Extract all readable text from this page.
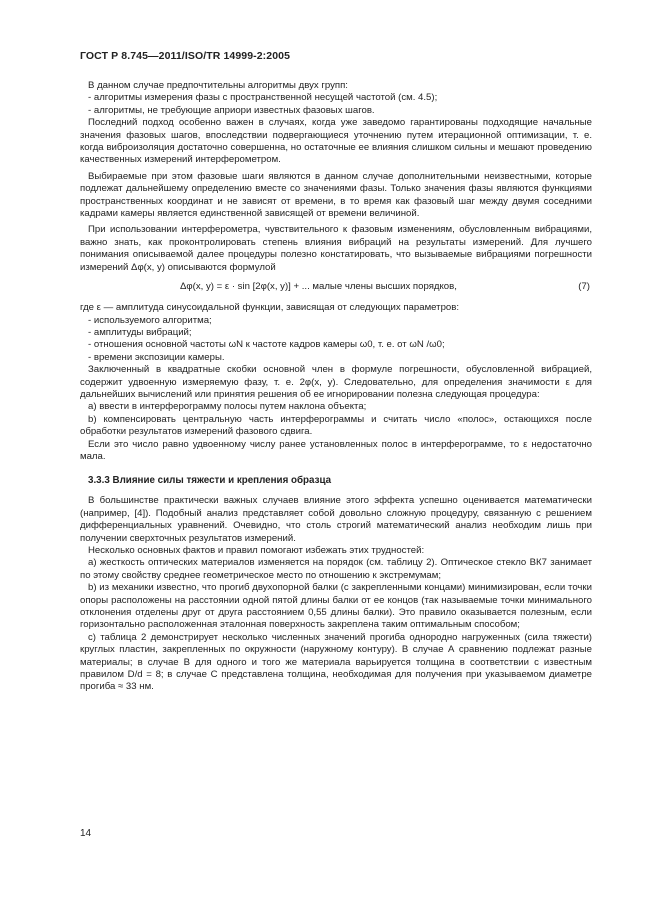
ГОСТ Р 8.745—2011/ISO/TR 14999-2:2005

В данном случае предпочтительны алгоритмы двух групп:

- алгоритмы измерения фазы с пространственной несущей частотой (см. 4.5);

- алгоритмы, не требующие априори известных фазовых шагов.

Последний подход особенно важен в случаях, когда уже заведомо гарантированы подходящие начальные значения фазовых шагов, впоследствии подвергающиеся уточнению путем итерационной оптимизации, т. е. когда виброизоляция достаточно совершенна, но остаточные ее влияния слишком сильны и мешают проведению качественных измерений интерферометром.

Выбираемые при этом фазовые шаги являются в данном случае дополнительными неизвестными, которые подлежат дальнейшему определению вместе со значениями фазы. Только значения фазы являются функциями пространственных координат и не зависят от времени, в то время как фазовый шаг между двумя соседними кадрами камеры является единственной зависящей от времени величиной.

При использовании интерферометра, чувствительного к фазовым изменениям, обусловленным вибрациями, важно знать, как проконтролировать степень влияния вибраций на результаты измерений. Для лучшего понимания описываемой далее процедуры полезно констатировать, что вызываемые вибрациями погрешности измерений Δφ(x, y) описываются формулой

Δφ(x, y) = ε · sin [2φ(x, y)] + ... малые члены высших порядков,	(7)

где ε — амплитуда синусоидальной функции, зависящая от следующих параметров:

- используемого алгоритма;

- амплитуды вибраций;

- отношения основной частоты ωN к частоте кадров камеры ω0, т. е. от ωN /ω0;

- времени экспозиции камеры.

Заключенный в квадратные скобки основной член в формуле погрешности, обусловленной вибрацией, содержит удвоенную измеряемую фазу, т. е. 2φ(x, y). Следовательно, для определения значимости ε для дальнейших вычислений или принятия решения об ее игнорировании полезна следующая процедура:

a) ввести в интерферограмму полосы путем наклона объекта;

b) компенсировать центральную часть интерферограммы и считать число «полос», остающихся после обработки результатов измерений фазового сдвига.

Если это число равно удвоенному числу ранее установленных полос в интерферограмме, то ε недостаточно мала.

3.3.3 Влияние силы тяжести и крепления образца

В большинстве практически важных случаев влияние этого эффекта успешно оценивается математически (например, [4]). Подобный анализ представляет собой довольно сложную процедуру, связанную с решением дифференциальных уравнений. Очевидно, что столь строгий математический анализ необходим лишь при получении сверхточных результатов измерений.

Несколько основных фактов и правил помогают избежать этих трудностей:

a) жесткость оптических материалов изменяется на порядок (см. таблицу 2). Оптическое стекло ВК7 занимает по этому свойству среднее геометрическое место по отношению к экстремумам;

b) из механики известно, что прогиб двухопорной балки (с закрепленными концами) минимизирован, если точки опоры расположены на расстоянии одной пятой длины балки от ее концов (так называемые точки минимального отклонения отделены друг от друга расстоянием 0,55 длины балки). Это правило оказывается полезным, если горизонтально расположенная эталонная поверхность закреплена таким оптимальным способом;

c) таблица 2 демонстрирует несколько численных значений прогиба однородно нагруженных (сила тяжести) круглых пластин, закрепленных по окружности (наружному контуру). В случае А сравнению подлежат разные материалы; в случае В для одного и того же материала варьируется толщина в соответствии с известным правилом D/d = 8; в случае С представлена толщина, необходимая для получения при указываемом диаметре прогиба ≈ 33 нм.

14
